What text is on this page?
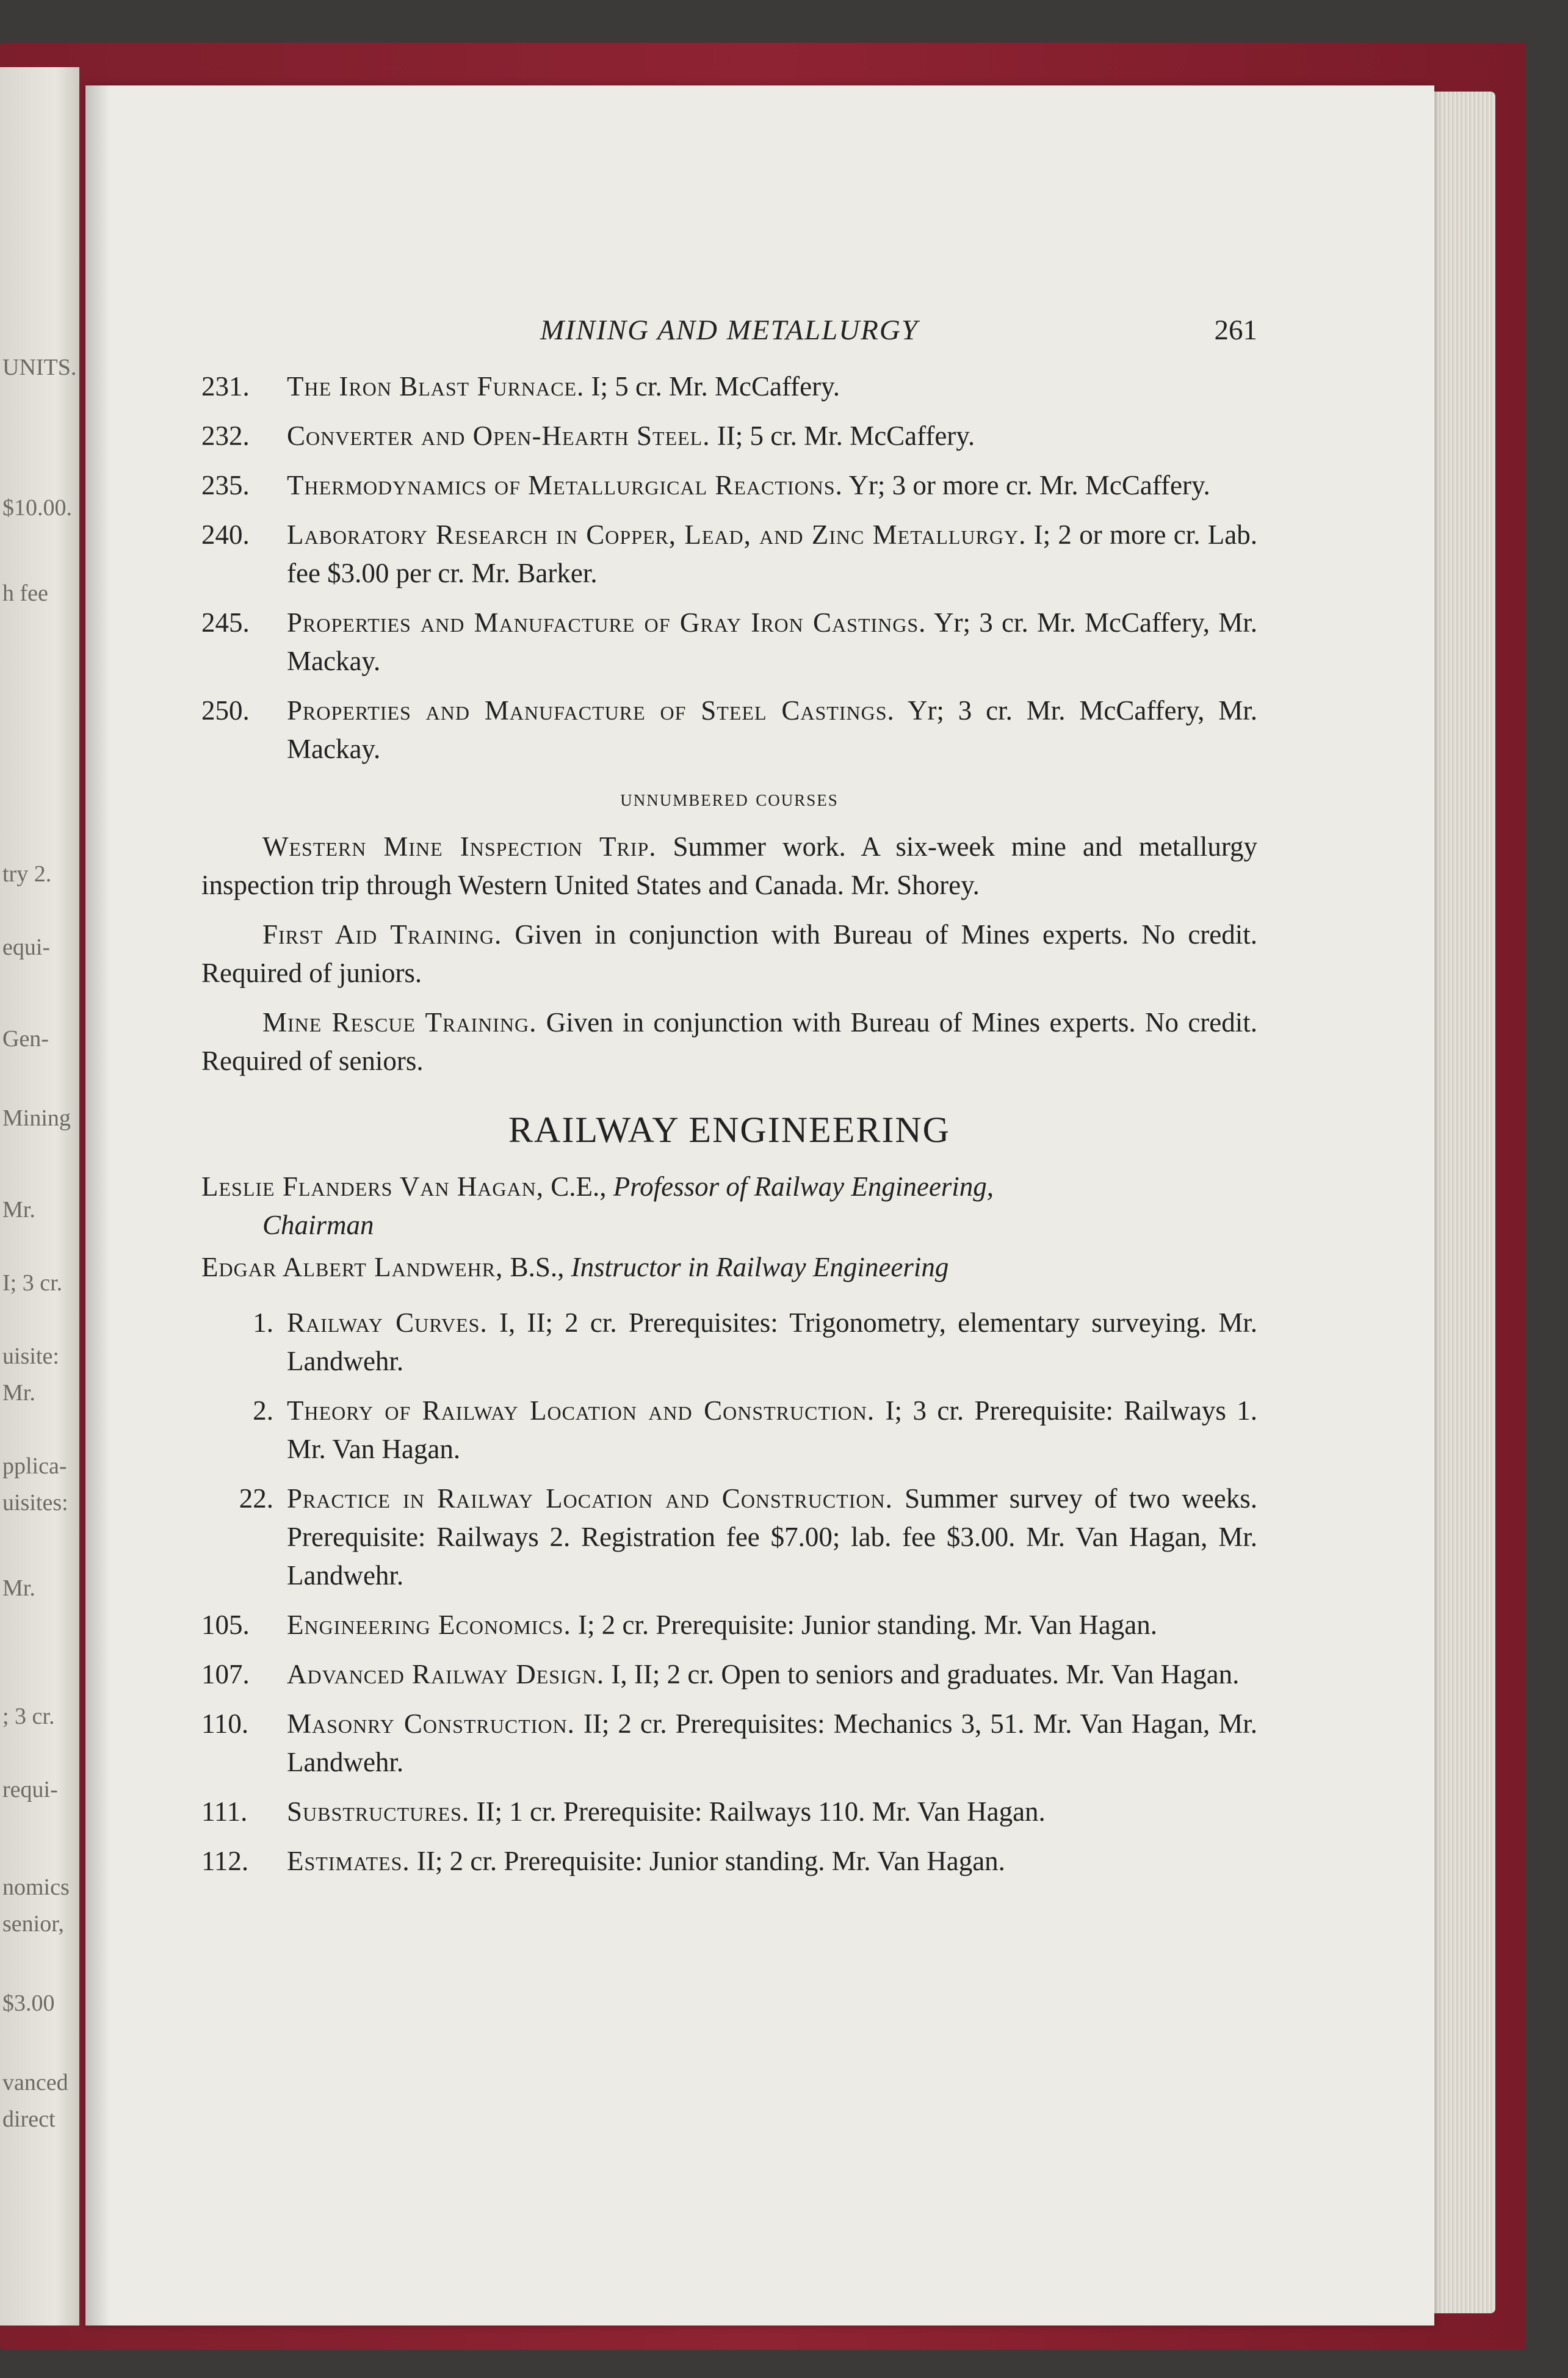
UNITS.
$10.00.
h fee
try 2.
equi-
Gen-
Mining
Mr.
I; 3 cr.
uisite:
Mr.
pplica-
uisites:
Mr.
; 3 cr.
requi-
nomics
senior,
$3.00
vanced
direct
MINING AND METALLURGY	261
231.	The Iron Blast Furnace. I; 5 cr. Mr. McCaffery.
232.	Converter and Open-Hearth Steel. II; 5 cr. Mr. McCaffery.
235.	Thermodynamics of Metallurgical Reactions. Yr; 3 or more cr. Mr. McCaffery.
240.	Laboratory Research in Copper, Lead, and Zinc Metallurgy. I; 2 or more cr. Lab. fee $3.00 per cr. Mr. Barker.
245.	Properties and Manufacture of Gray Iron Castings. Yr; 3 cr. Mr. McCaffery, Mr. Mackay.
250.	Properties and Manufacture of Steel Castings. Yr; 3 cr. Mr. McCaffery, Mr. Mackay.
unnumbered courses
Western Mine Inspection Trip. Summer work. A six-week mine and metallurgy inspection trip through Western United States and Canada. Mr. Shorey.
First Aid Training. Given in conjunction with Bureau of Mines experts. No credit. Required of juniors.
Mine Rescue Training. Given in conjunction with Bureau of Mines experts. No credit. Required of seniors.
RAILWAY ENGINEERING
Leslie Flanders Van Hagan, C.E., Professor of Railway Engineering,
Chairman
Edgar Albert Landwehr, B.S., Instructor in Railway Engineering
1. Railway Curves. I, II; 2 cr. Prerequisites: Trigonometry, elementary surveying. Mr. Landwehr.
2. Theory of Railway Location and Construction. I; 3 cr. Prerequisite: Railways 1. Mr. Van Hagan.
22. Practice in Railway Location and Construction. Summer survey of two weeks. Prerequisite: Railways 2. Registration fee $7.00; lab. fee $3.00. Mr. Van Hagan, Mr. Landwehr.
105.	Engineering Economics. I; 2 cr. Prerequisite: Junior standing. Mr. Van Hagan.
107.	Advanced Railway Design. I, II; 2 cr. Open to seniors and graduates. Mr. Van Hagan.
110.	Masonry Construction. II; 2 cr. Prerequisites: Mechanics 3, 51. Mr. Van Hagan, Mr. Landwehr.
111.	Substructures. II; 1 cr. Prerequisite: Railways 110. Mr. Van Hagan.
112.	Estimates. II; 2 cr. Prerequisite: Junior standing. Mr. Van Hagan.
